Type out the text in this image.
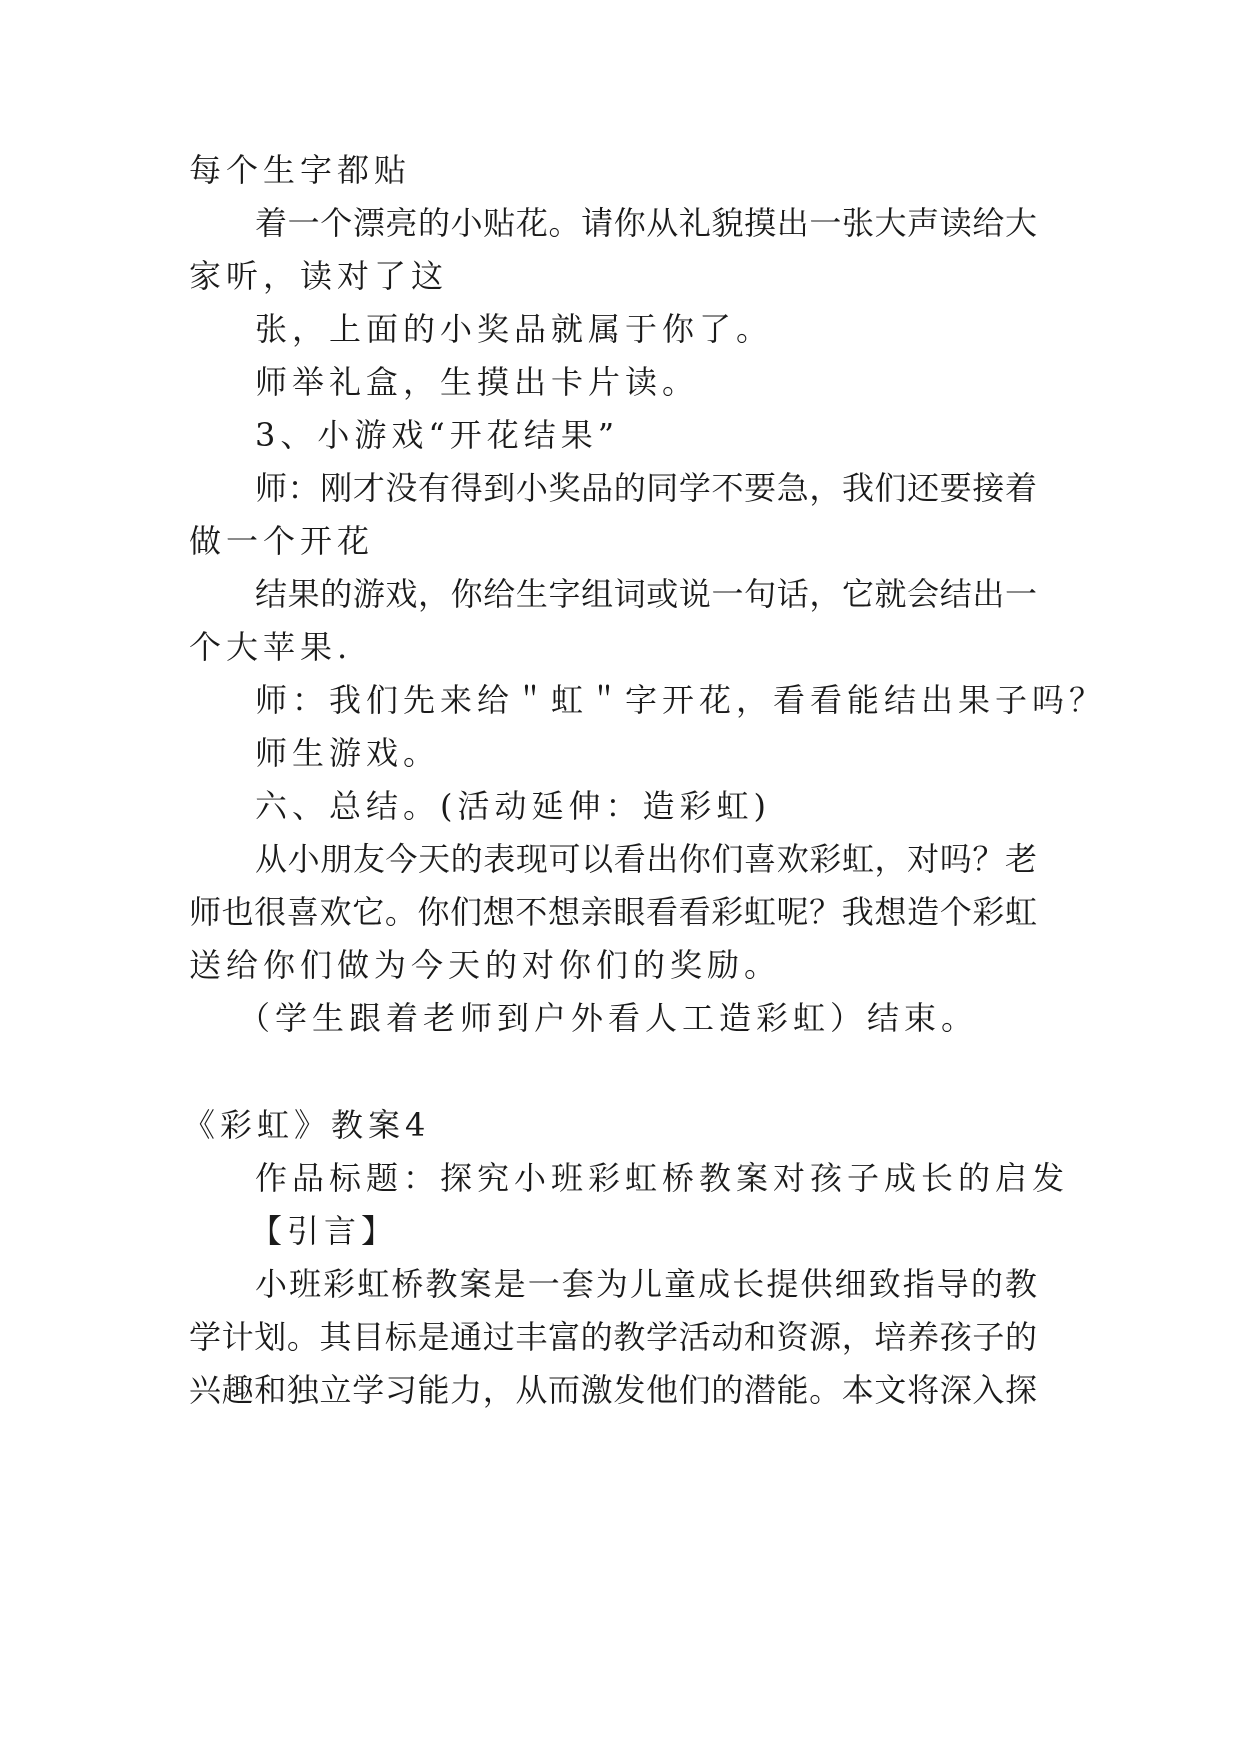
每个生字都贴
着一个漂亮的小贴花。请你从礼貌摸出一张大声读给大
家听，读对了这
张，上面的小奖品就属于你了。
师举礼盒，生摸出卡片读。
3、小游戏“开花结果”
师：刚才没有得到小奖品的同学不要急，我们还要接着
做一个开花
结果的游戏，你给生字组词或说一句话，它就会结出一
个大苹果.
师：我们先来给＂虹＂字开花，看看能结出果子吗？
师生游戏。
六、总结。(活动延伸：造彩虹)
从小朋友今天的表现可以看出你们喜欢彩虹，对吗？老
师也很喜欢它。你们想不想亲眼看看彩虹呢？我想造个彩虹
送给你们做为今天的对你们的奖励。
（学生跟着老师到户外看人工造彩虹）结束。
《彩虹》教案4
作品标题：探究小班彩虹桥教案对孩子成长的启发
【引言】
小班彩虹桥教案是一套为儿童成长提供细致指导的教
学计划。其目标是通过丰富的教学活动和资源，培养孩子的
兴趣和独立学习能力，从而激发他们的潜能。本文将深入探
